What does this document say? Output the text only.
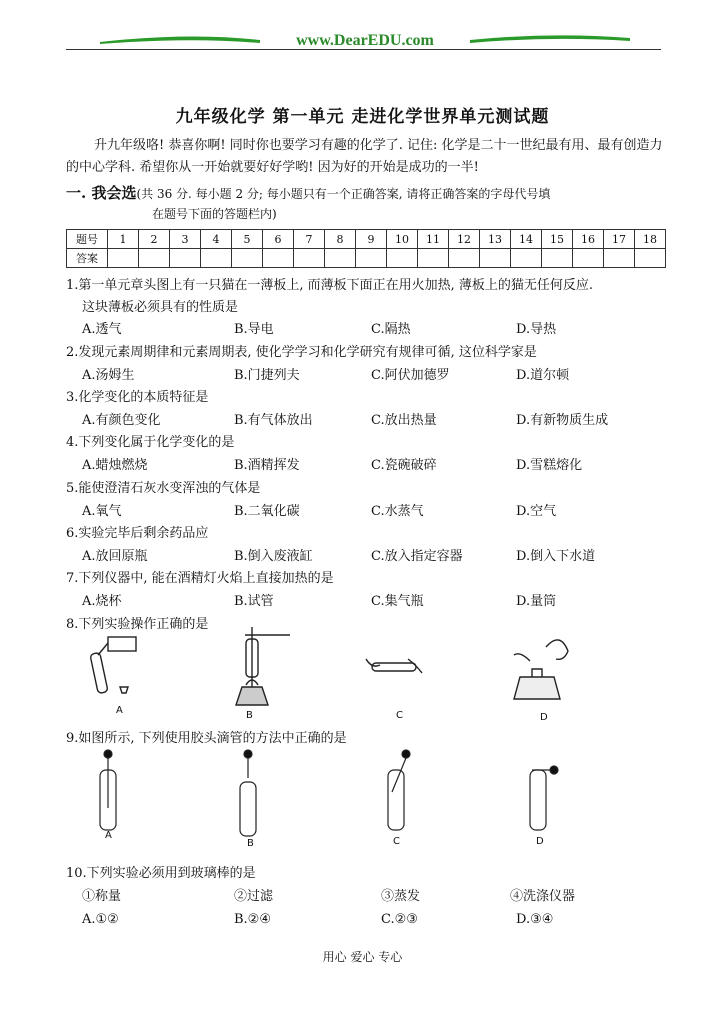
www.DearEDU.com
九年级化学 第一单元 走进化学世界单元测试题
升九年级咯! 恭喜你啊! 同时你也要学习有趣的化学了. 记住: 化学是二十一世纪最有用、最有创造力的中心学科. 希望你从一开始就要好好学哟! 因为好的开始是成功的一半!
一. 我会选(共 36 分. 每小题 2 分; 每小题只有一个正确答案, 请将正确答案的字母代号填
在题号下面的答题栏内)
题号	1	2	3	4	5	6	7	8	9	10	11	12	13	14	15	16	17	18
答案																		
1.第一单元章头图上有一只猫在一薄板上, 而薄板下面正在用火加热, 薄板上的猫无任何反应.
这块薄板必须具有的性质是
A.透气	B.导电	C.隔热	D.导热
2.发现元素周期律和元素周期表, 使化学学习和化学研究有规律可循, 这位科学家是
A.汤姆生	B.门捷列夫	C.阿伏加德罗	D.道尔顿
3.化学变化的本质特征是
A.有颜色变化	B.有气体放出	C.放出热量	D.有新物质生成
4.下列变化属于化学变化的是
A.蜡烛燃烧	B.酒精挥发	C.瓷碗破碎	D.雪糕熔化
5.能使澄清石灰水变浑浊的气体是
A.氧气	B.二氧化碳	C.水蒸气	D.空气
6.实验完毕后剩余药品应
A.放回原瓶	B.倒入废液缸	C.放入指定容器	D.倒入下水道
7.下列仪器中, 能在酒精灯火焰上直接加热的是
A.烧杯	B.试管	C.集气瓶	D.量筒
8.下列实验操作正确的是
A	B	C	D
9.如图所示, 下列使用胶头滴管的方法中正确的是
A
B	C	D
10.下列实验必须用到玻璃棒的是
①称量	②过滤	③蒸发	④洗涤仪器
A.①②	B.②④	C.②③	D.③④
用心 爱心 专心
